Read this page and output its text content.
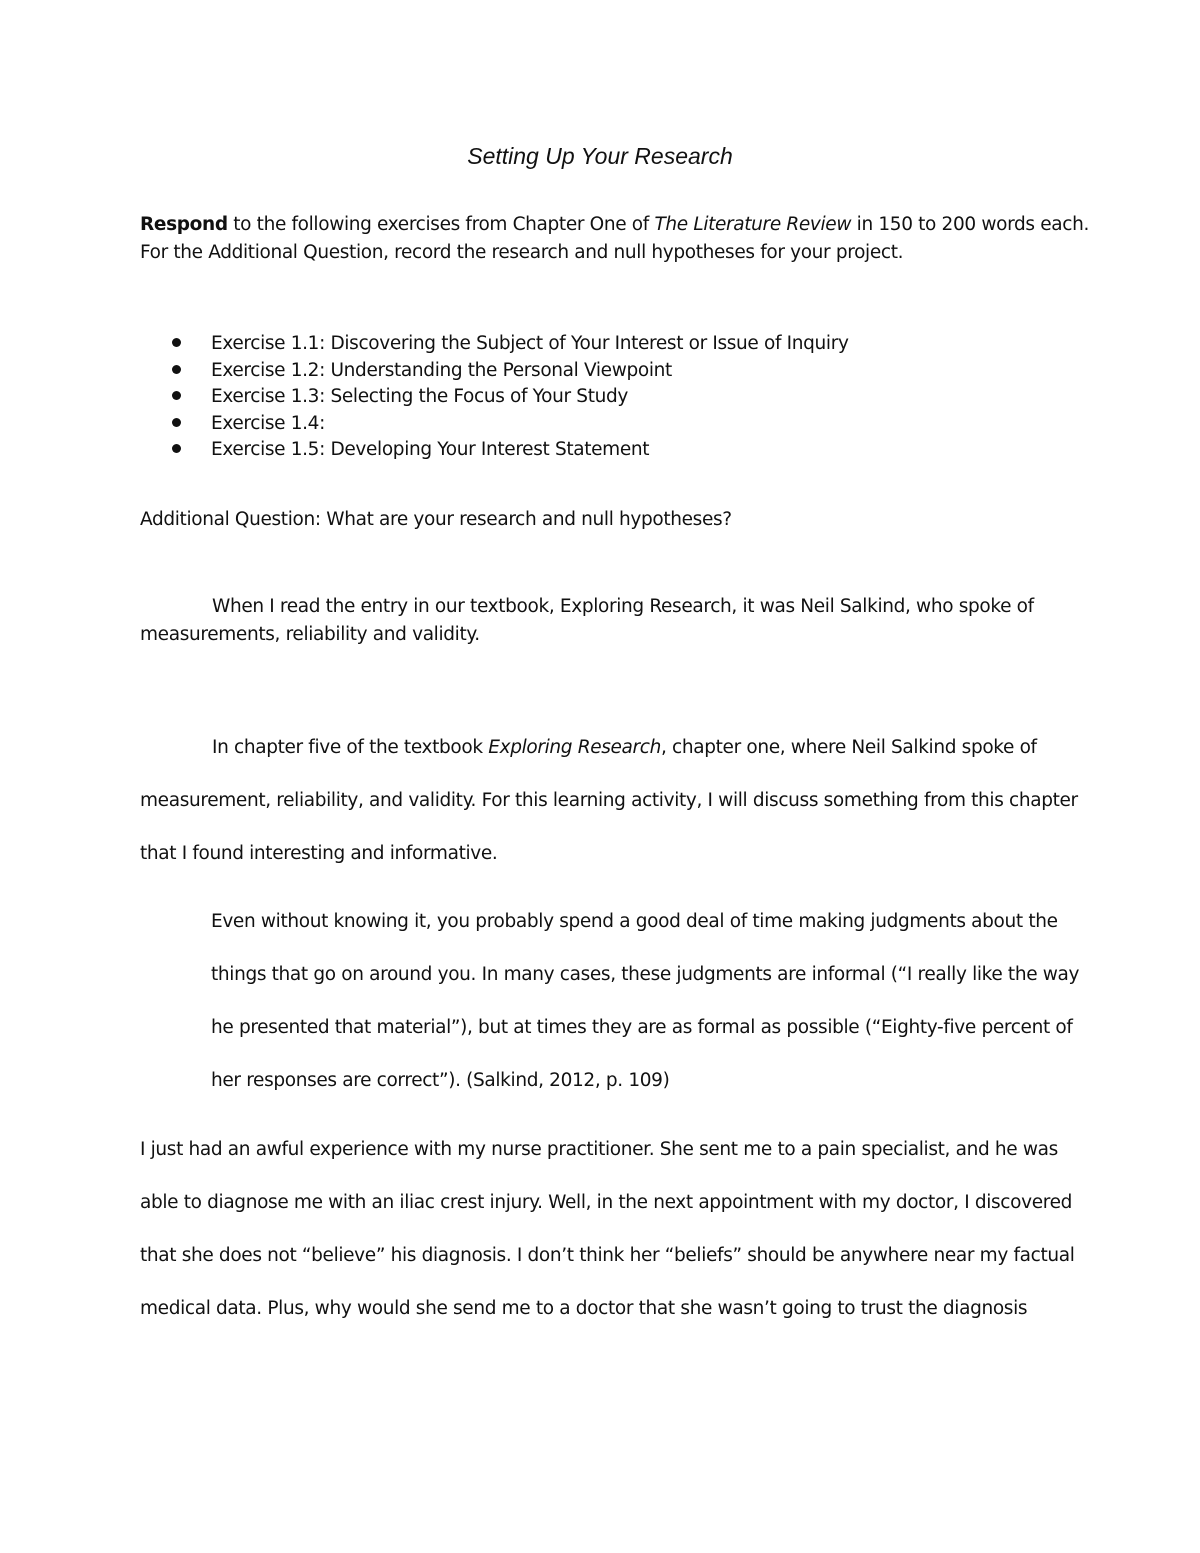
Setting Up Your Research
Respond to the following exercises from Chapter One of The Literature Review in 150 to 200 words each.
For the Additional Question, record the research and null hypotheses for your project.
Exercise 1.1: Discovering the Subject of Your Interest or Issue of Inquiry
Exercise 1.2: Understanding the Personal Viewpoint
Exercise 1.3: Selecting the Focus of Your Study
Exercise 1.4:
Exercise 1.5: Developing Your Interest Statement
Additional Question: What are your research and null hypotheses?
When I read the entry in our textbook, Exploring Research, it was Neil Salkind, who spoke of
measurements, reliability and validity.
In chapter five of the textbook Exploring Research, chapter one, where Neil Salkind spoke of
measurement, reliability, and validity. For this learning activity, I will discuss something from this chapter
that I found interesting and informative.
Even without knowing it, you probably spend a good deal of time making judgments about the
things that go on around you. In many cases, these judgments are informal (“I really like the way
he presented that material”), but at times they are as formal as possible (“Eighty-five percent of
her responses are correct”). (Salkind, 2012, p. 109)
I just had an awful experience with my nurse practitioner. She sent me to a pain specialist, and he was
able to diagnose me with an iliac crest injury. Well, in the next appointment with my doctor, I discovered
that she does not “believe” his diagnosis. I don’t think her “beliefs” should be anywhere near my factual
medical data. Plus, why would she send me to a doctor that she wasn’t going to trust the diagnosis
